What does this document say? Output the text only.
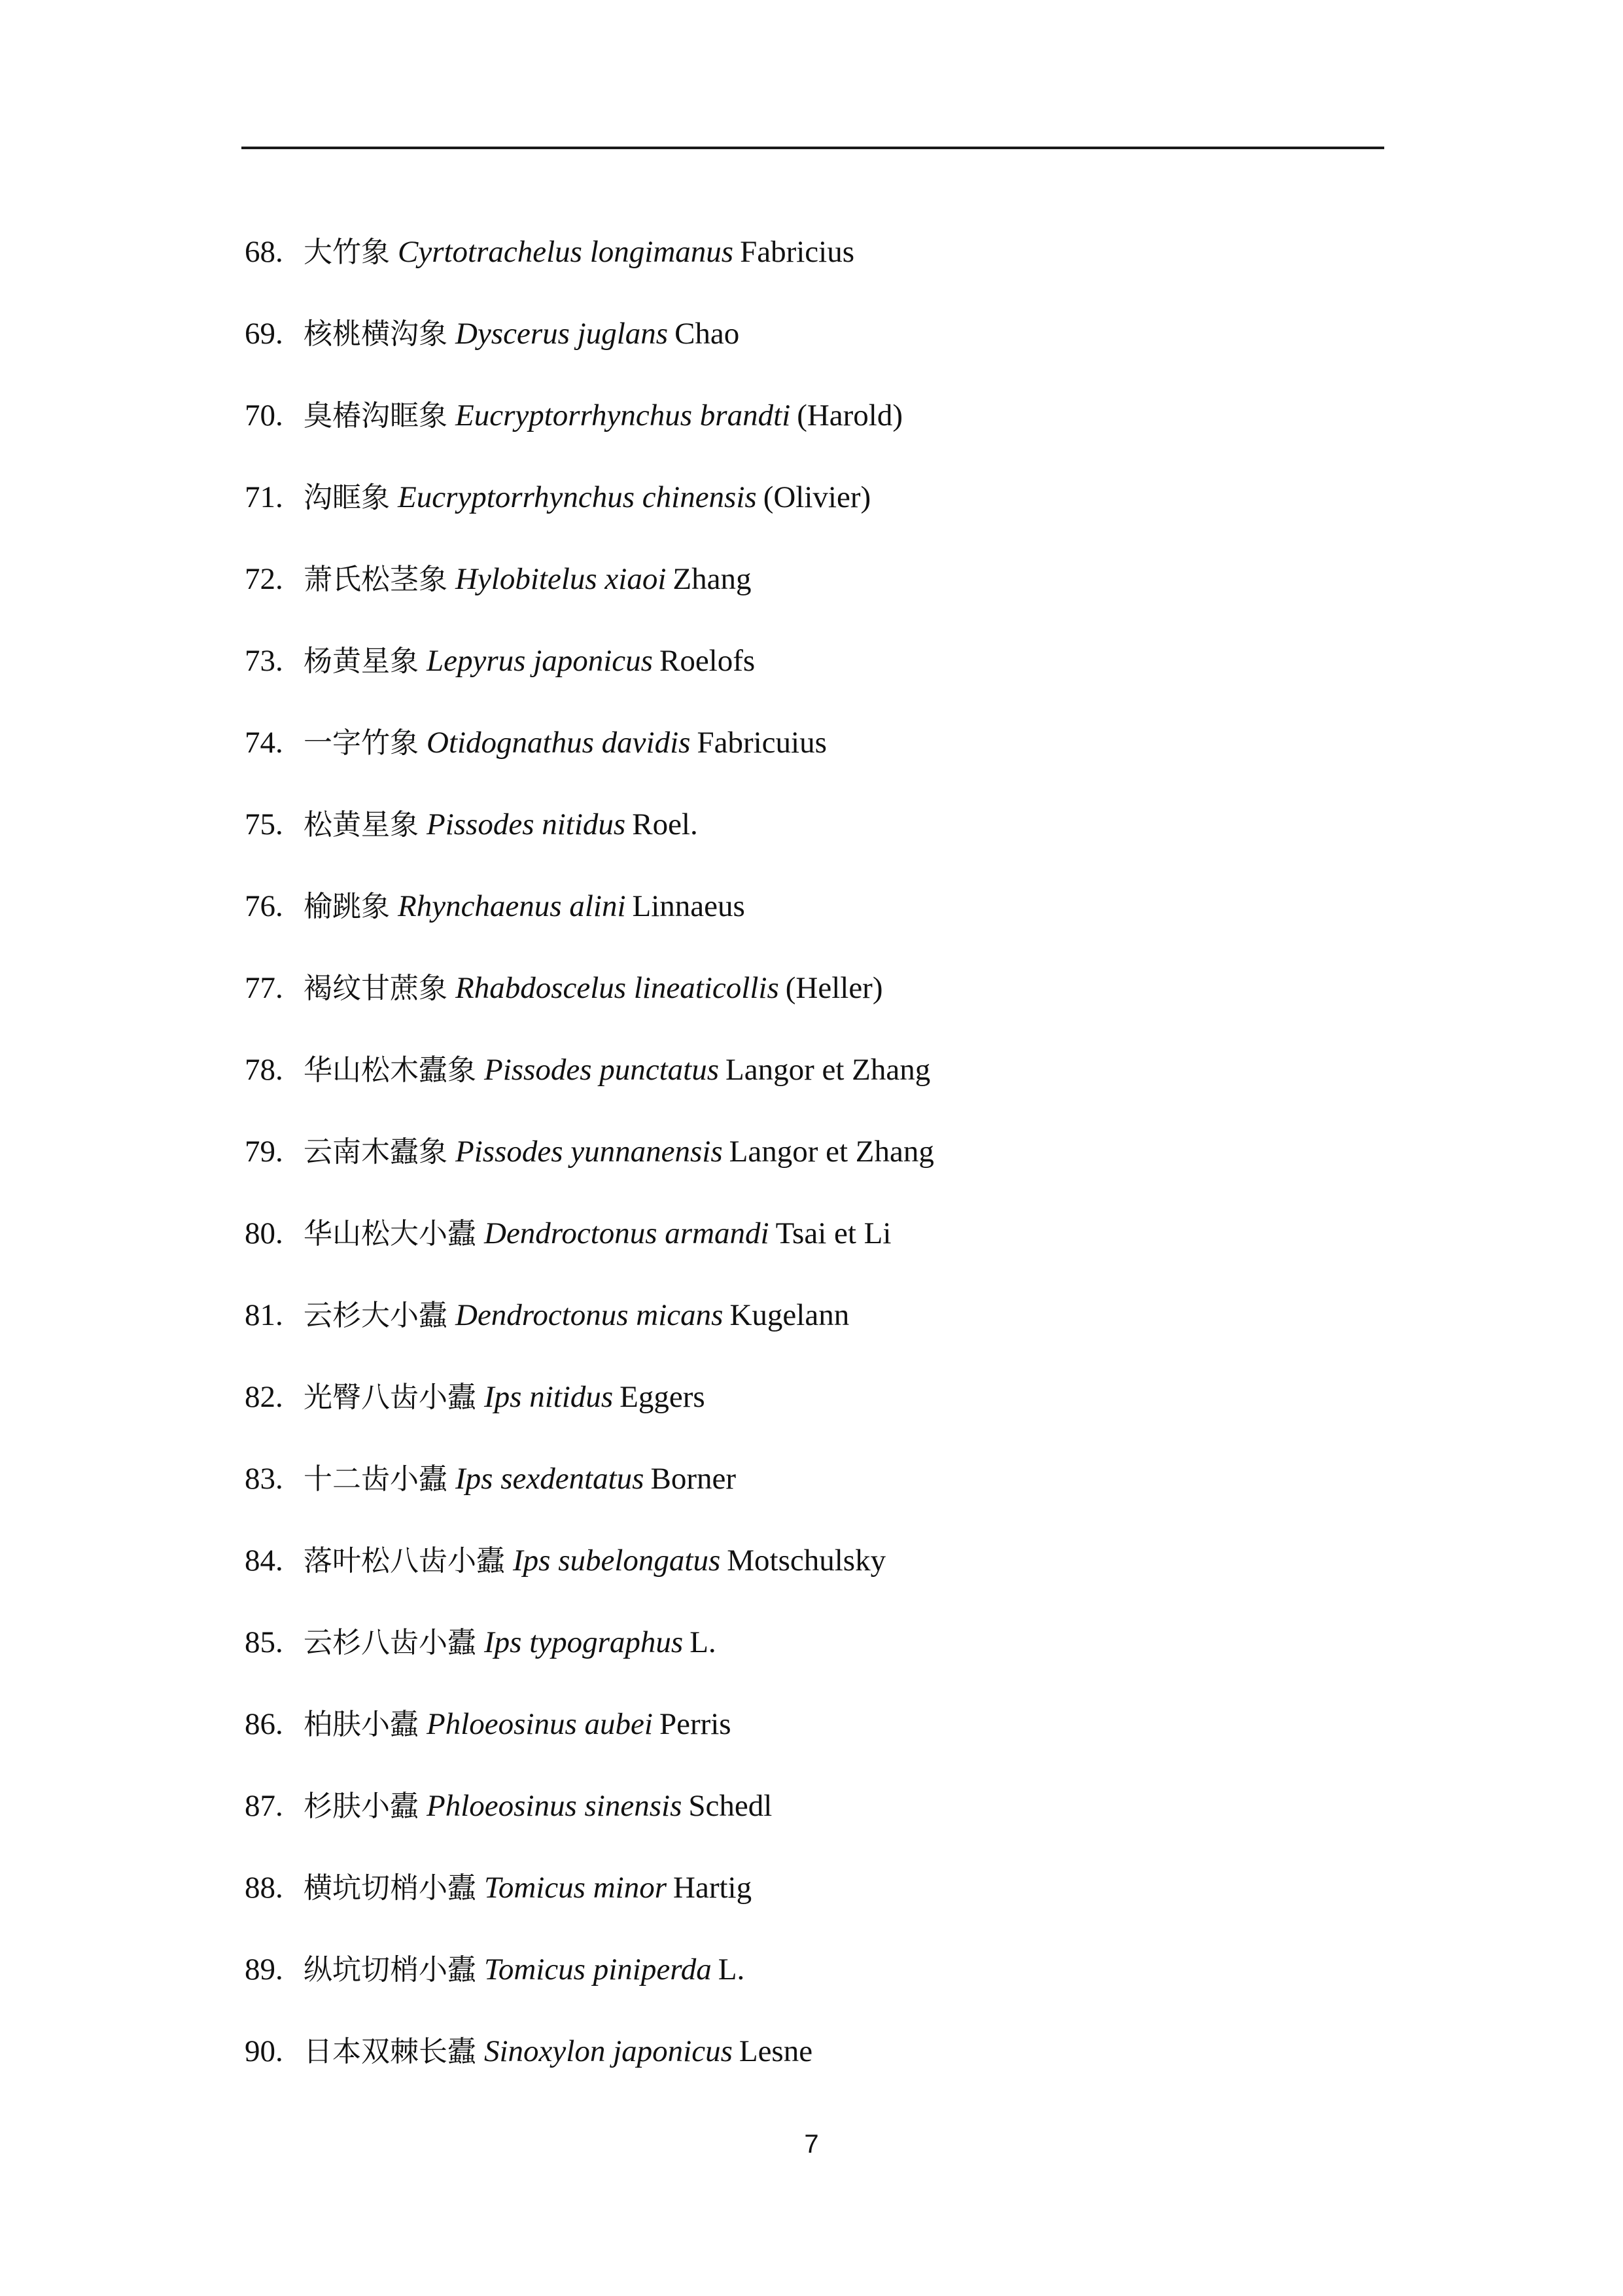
68. 大竹象 Cyrtotrachelus longimanus Fabricius
69. 核桃横沟象 Dyscerus juglans Chao
70. 臭椿沟眶象 Eucryptorrhynchus brandti (Harold)
71. 沟眶象 Eucryptorrhynchus chinensis (Olivier)
72. 萧氏松茎象 Hylobitelus xiaoi Zhang
73. 杨黄星象 Lepyrus japonicus Roelofs
74. 一字竹象 Otidognathus davidis Fabricuius
75. 松黄星象 Pissodes nitidus Roel.
76. 榆跳象 Rhynchaenus alini Linnaeus
77. 褐纹甘蔗象 Rhabdoscelus lineaticollis (Heller)
78. 华山松木蠹象 Pissodes punctatus Langor et Zhang
79. 云南木蠹象 Pissodes yunnanensis Langor et Zhang
80. 华山松大小蠹 Dendroctonus armandi Tsai et Li
81. 云杉大小蠹 Dendroctonus micans Kugelann
82. 光臀八齿小蠹 Ips nitidus Eggers
83. 十二齿小蠹 Ips sexdentatus Borner
84. 落叶松八齿小蠹 Ips subelongatus Motschulsky
85. 云杉八齿小蠹 Ips typographus L.
86. 柏肤小蠹 Phloeosinus aubei Perris
87. 杉肤小蠹 Phloeosinus sinensis Schedl
88. 横坑切梢小蠹 Tomicus minor Hartig
89. 纵坑切梢小蠹 Tomicus piniperda L.
90. 日本双棘长蠹 Sinoxylon japonicus Lesne
7
